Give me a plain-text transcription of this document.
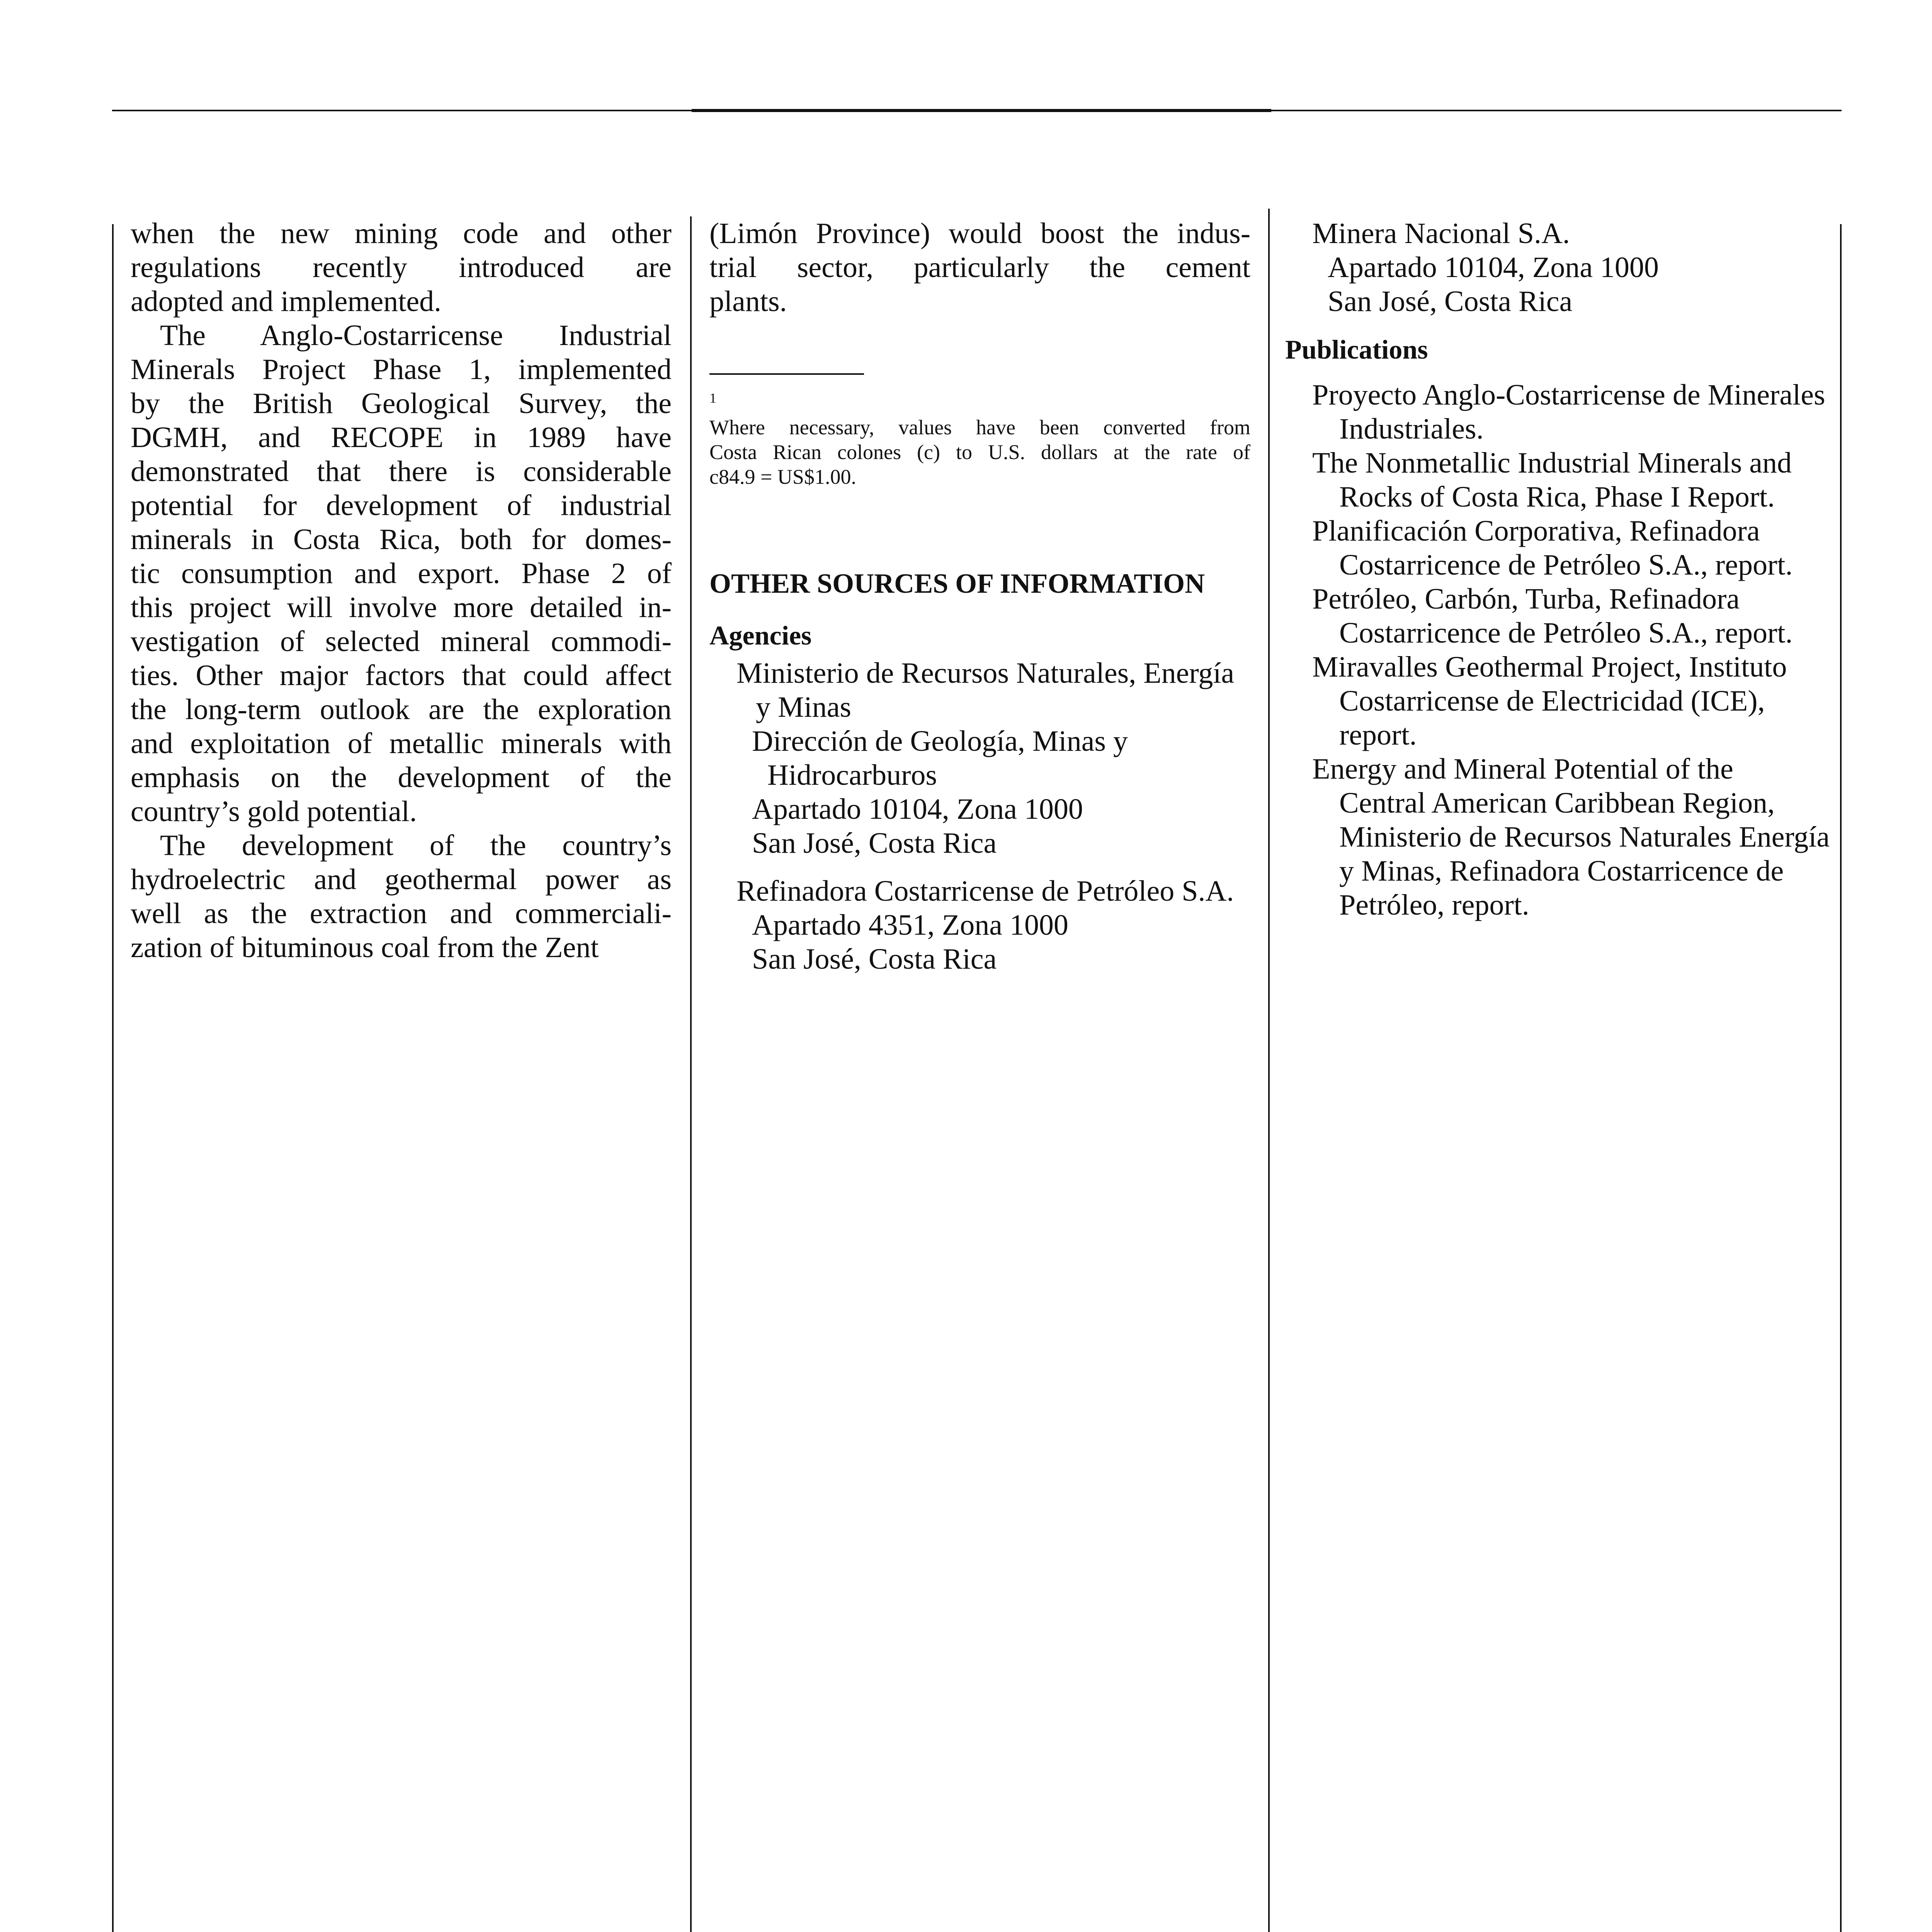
when the new mining code and other
regulations recently introduced are
adopted and implemented.

The Anglo-Costarricense Industrial
Minerals Project Phase 1, implemented
by the British Geological Survey, the
DGMH, and RECOPE in 1989 have
demonstrated that there is considerable
potential for development of industrial
minerals in Costa Rica, both for domes-
tic consumption and export. Phase 2 of
this project will involve more detailed in-
vestigation of selected mineral commodi-
ties. Other major factors that could affect
the long-term outlook are the exploration
and exploitation of metallic minerals with
emphasis on the development of the
country’s gold potential.

The development of the country’s
hydroelectric and geothermal power as
well as the extraction and commerciali-
zation of bituminous coal from the Zent

(Limón Province) would boost the indus-
trial sector, particularly the cement
plants.

$^1$
Where necessary, values have been converted from
Costa Rican colones (c) to U.S. dollars at the rate of
c84.9 = US$1.00.

OTHER SOURCES OF INFORMATION
Agencies
Ministerio de Recursos Naturales, Energía
y Minas
Dirección de Geología, Minas y
Hidrocarburos
Apartado 10104, Zona 1000
San José, Costa Rica
Refinadora Costarricense de Petróleo S.A.
Apartado 4351, Zona 1000
San José, Costa Rica
Minera Nacional S.A.
Apartado 10104, Zona 1000
San José, Costa Rica
Publications

Proyecto Anglo-Costarricense de Minerales
Industriales.

The Nonmetallic Industrial Minerals and
Rocks of Costa Rica, Phase I Report.

Planificación Corporativa, Refinadora
Costarricence de Petróleo S.A., report.

Petróleo, Carbón, Turba, Refinadora
Costarricence de Petróleo S.A., report.

Miravalles Geothermal Project, Instituto
Costarricense de Electricidad (ICE), report.

Energy and Mineral Potential of the
Central American Caribbean Region,
Ministerio de Recursos Naturales Energía
y Minas, Refinadora Costarricence de
Petróleo, report.
